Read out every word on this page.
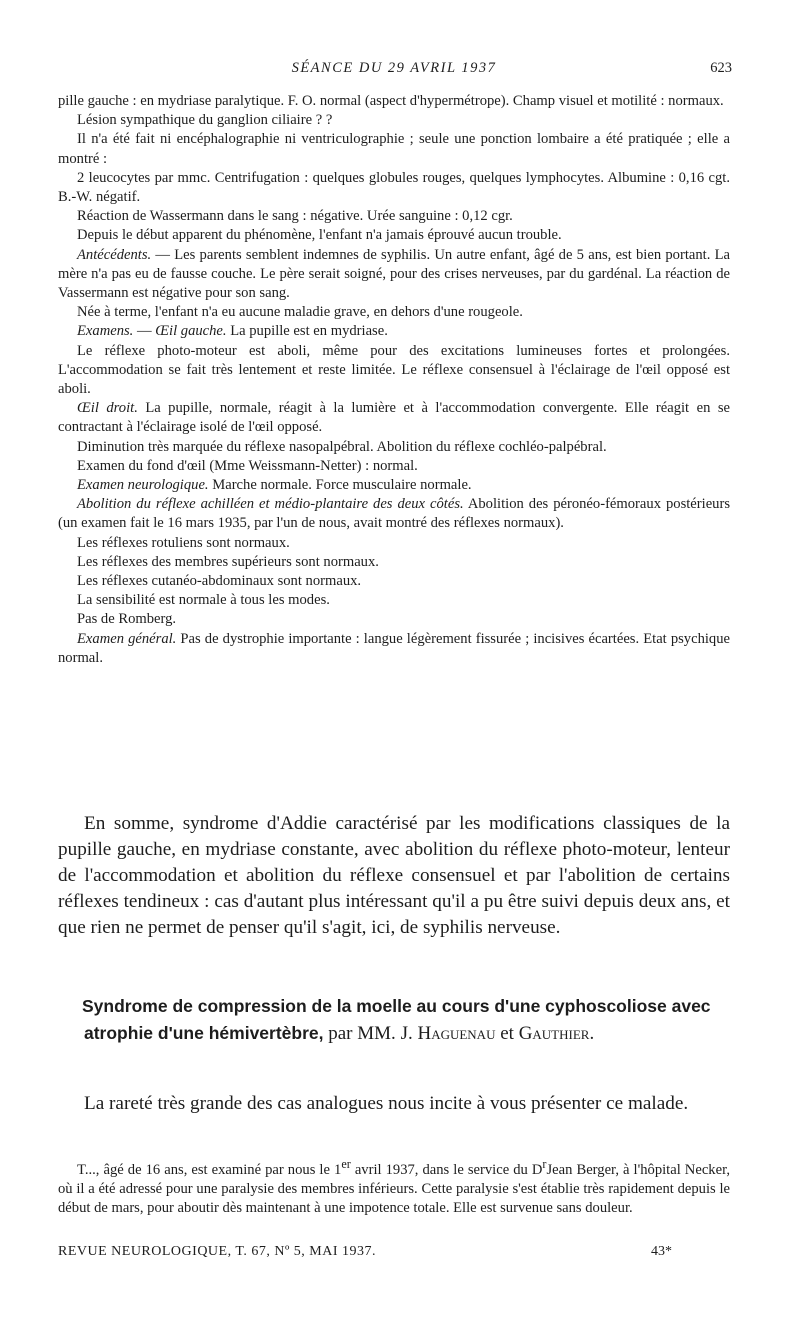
SÉANCE DU 29 AVRIL 1937	623

pille gauche : en mydriase paralytique. F. O. normal (aspect d'hypermétrope). Champ visuel et motilité : normaux.

Lésion sympathique du ganglion ciliaire ? ?

Il n'a été fait ni encéphalographie ni ventriculographie ; seule une ponction lombaire a été pratiquée ; elle a montré :

2 leucocytes par mmc. Centrifugation : quelques globules rouges, quelques lymphocytes. Albumine : 0,16 cgt. B.-W. négatif.

Réaction de Wassermann dans le sang : négative. Urée sanguine : 0,12 cgr.

Depuis le début apparent du phénomène, l'enfant n'a jamais éprouvé aucun trouble.

Antécédents. — Les parents semblent indemnes de syphilis. Un autre enfant, âgé de 5 ans, est bien portant. La mère n'a pas eu de fausse couche. Le père serait soigné, pour des crises nerveuses, par du gardénal. La réaction de Vassermann est négative pour son sang.

Née à terme, l'enfant n'a eu aucune maladie grave, en dehors d'une rougeole.

Examens. — Œil gauche. La pupille est en mydriase.

Le réflexe photo-moteur est aboli, même pour des excitations lumineuses fortes et prolongées. L'accommodation se fait très lentement et reste limitée. Le réflexe consensuel à l'éclairage de l'œil opposé est aboli.

Œil droit. La pupille, normale, réagit à la lumière et à l'accommodation convergente. Elle réagit en se contractant à l'éclairage isolé de l'œil opposé.

Diminution très marquée du réflexe nasopalpébral. Abolition du réflexe cochléo-palpébral.

Examen du fond d'œil (Mme Weissmann-Netter) : normal.

Examen neurologique. Marche normale. Force musculaire normale.

Abolition du réflexe achilléen et médio-plantaire des deux côtés. Abolition des péronéo-fémoraux postérieurs (un examen fait le 16 mars 1935, par l'un de nous, avait montré des réflexes normaux).

Les réflexes rotuliens sont normaux.

Les réflexes des membres supérieurs sont normaux.

Les réflexes cutanéo-abdominaux sont normaux.

La sensibilité est normale à tous les modes.

Pas de Romberg.

Examen général. Pas de dystrophie importante : langue légèrement fissurée ; incisives écartées. Etat psychique normal.

En somme, syndrome d'Addie caractérisé par les modifications classiques de la pupille gauche, en mydriase constante, avec abolition du réflexe photo-moteur, lenteur de l'accommodation et abolition du réflexe consensuel et par l'abolition de certains réflexes tendineux : cas d'autant plus intéressant qu'il a pu être suivi depuis deux ans, et que rien ne permet de penser qu'il s'agit, ici, de syphilis nerveuse.

Syndrome de compression de la moelle au cours d'une cyphoscoliose avec atrophie d'une hémivertèbre, par MM. J. Haguenau et Gauthier.

La rareté très grande des cas analogues nous incite à vous présenter ce malade.

T..., âgé de 16 ans, est examiné par nous le 1er avril 1937, dans le service du $D^rJean$ Berger, à l'hôpital Necker, où il a été adressé pour une paralysie des membres inférieurs. Cette paralysie s'est établie très rapidement depuis le début de mars, pour aboutir dès maintenant à une impotence totale. Elle est survenue sans douleur.

REVUE NEUROLOGIQUE, T. 67, Nº 5, MAI 1937.	43*
